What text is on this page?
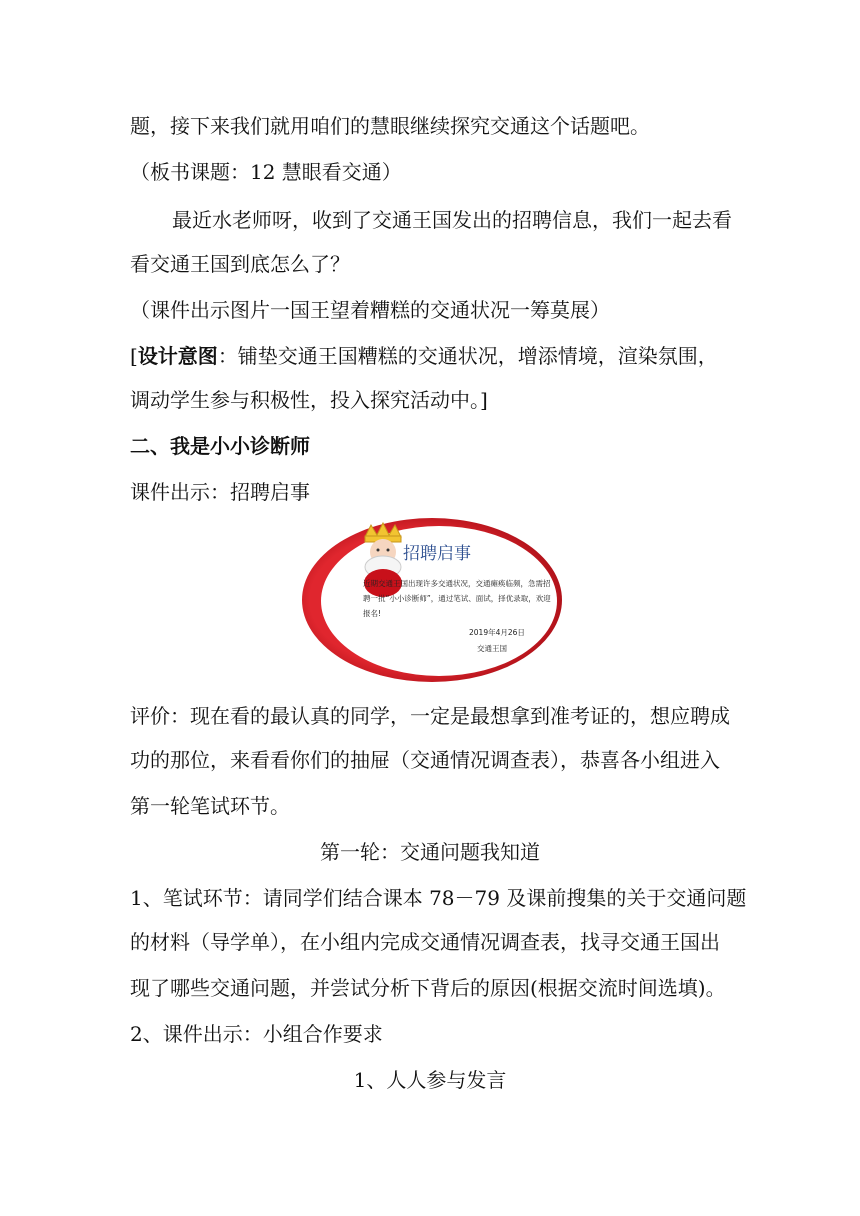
题，接下来我们就用咱们的慧眼继续探究交通这个话题吧。
（板书课题：12 慧眼看交通）
最近水老师呀，收到了交通王国发出的招聘信息，我们一起去看
看交通王国到底怎么了？
（课件出示图片一国王望着糟糕的交通状况一筹莫展）
[设计意图：铺垫交通王国糟糕的交通状况，增添情境，渲染氛围，
调动学生参与积极性，投入探究活动中。]
二、我是小小诊断师
课件出示：招聘启事
招聘启事
近期交通王国出现许多交通状况，交通瘫痪临频，急需招聘一批“小小诊断师”，通过笔试、面试，择优录取，欢迎报名!
2019年4月26日
交通王国
评价：现在看的最认真的同学，一定是最想拿到准考证的，想应聘成
功的那位，来看看你们的抽屉（交通情况调查表），恭喜各小组进入
第一轮笔试环节。
第一轮：交通问题我知道
1、笔试环节：请同学们结合课本 78－79 及课前搜集的关于交通问题
的材料（导学单），在小组内完成交通情况调查表，找寻交通王国出
现了哪些交通问题，并尝试分析下背后的原因(根据交流时间选填)。
2、课件出示：小组合作要求
1、人人参与发言
